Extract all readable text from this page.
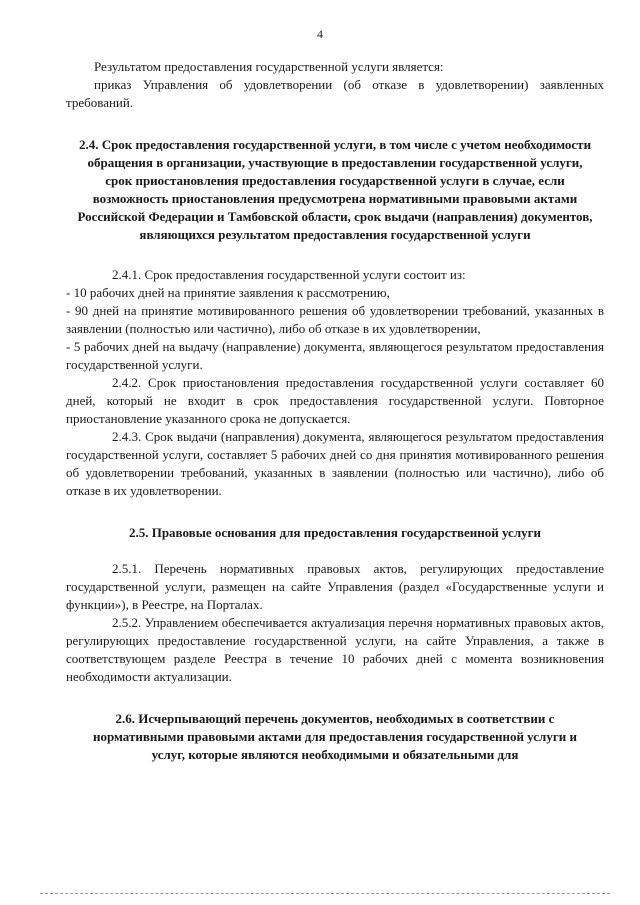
4

Результатом предоставления государственной услуги является:

приказ Управления об удовлетворении (об отказе в удовлетворении) заявленных требований.

2.4. Срок предоставления государственной услуги, в том числе с учетом необходимости обращения в организации, участвующие в предоставлении государственной услуги, срок приостановления предоставления государственной услуги в случае, если возможность приостановления предусмотрена нормативными правовыми актами Российской Федерации и Тамбовской области, срок выдачи (направления) документов, являющихся результатом предоставления государственной услуги

2.4.1. Срок предоставления государственной услуги состоит из:

- 10 рабочих дней на принятие заявления к рассмотрению,

- 90 дней на принятие мотивированного решения об удовлетворении требований, указанных в заявлении (полностью или частично), либо об отказе в их удовлетворении,

- 5 рабочих дней на выдачу (направление) документа, являющегося результатом предоставления государственной услуги.

2.4.2. Срок приостановления предоставления государственной услуги составляет 60 дней, который не входит в срок предоставления государственной услуги. Повторное приостановление указанного срока не допускается.

2.4.3. Срок выдачи (направления) документа, являющегося результатом предоставления государственной услуги, составляет 5 рабочих дней со дня принятия мотивированного решения об удовлетворении требований, указанных в заявлении (полностью или частично), либо об отказе в их удовлетворении.

2.5. Правовые основания для предоставления государственной услуги

2.5.1. Перечень нормативных правовых актов, регулирующих предоставление государственной услуги, размещен на сайте Управления (раздел «Государственные услуги и функции»), в Реестре, на Порталах.

2.5.2. Управлением обеспечивается актуализация перечня нормативных правовых актов, регулирующих предоставление государственной услуги, на сайте Управления, а также в соответствующем разделе Реестра в течение 10 рабочих дней с момента возникновения необходимости актуализации.

2.6. Исчерпывающий перечень документов, необходимых в соответствии с нормативными правовыми актами для предоставления государственной услуги и услуг, которые являются необходимыми и обязательными для
